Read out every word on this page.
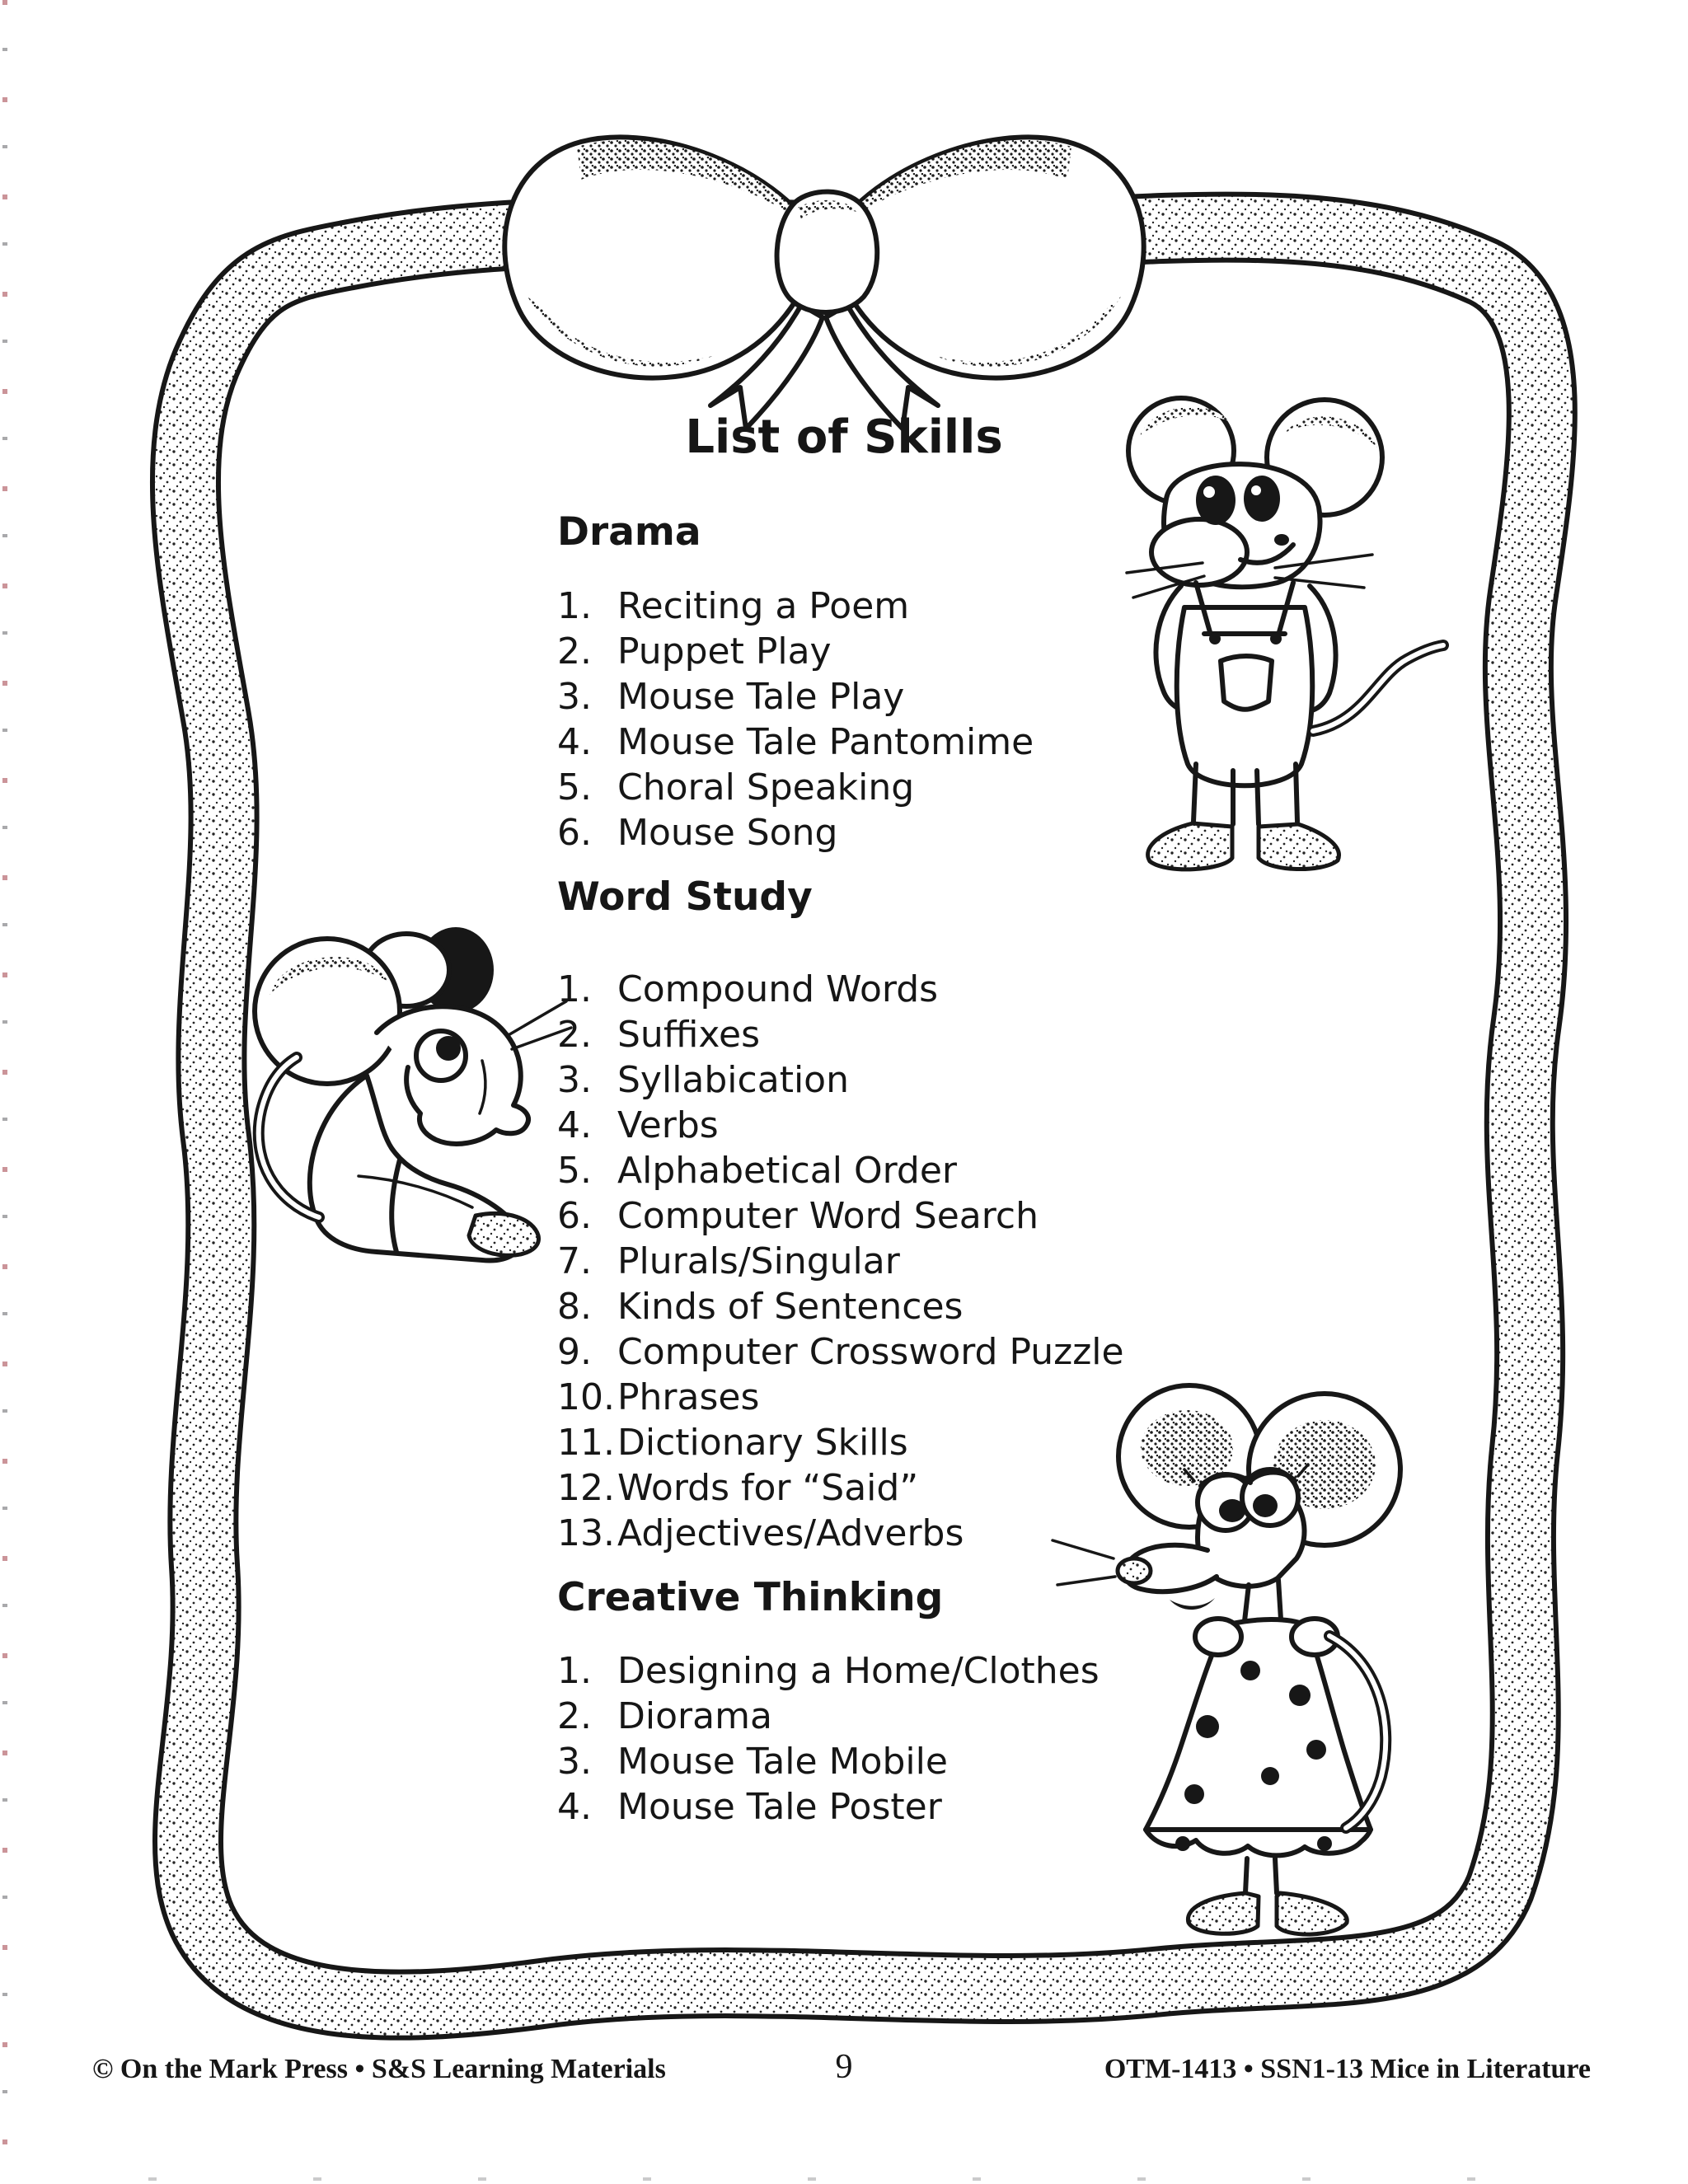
List of Skills
Drama
1. Reciting a Poem
2. Puppet Play
3. Mouse Tale Play
4. Mouse Tale Pantomime
5. Choral Speaking
6. Mouse Song
Word Study
1. Compound Words
2. Suffixes
3. Syllabication
4. Verbs
5. Alphabetical Order
6. Computer Word Search
7. Plurals/Singular
8. Kinds of Sentences
9. Computer Crossword Puzzle
10. Phrases
11. Dictionary Skills
12. Words for “Said”
13. Adjectives/Adverbs
Creative Thinking
1. Designing a Home/Clothes
2. Diorama
3. Mouse Tale Mobile
4. Mouse Tale Poster
© On the Mark Press • S&S Learning Materials	9	OTM-1413 • SSN1-13 Mice in Literature
